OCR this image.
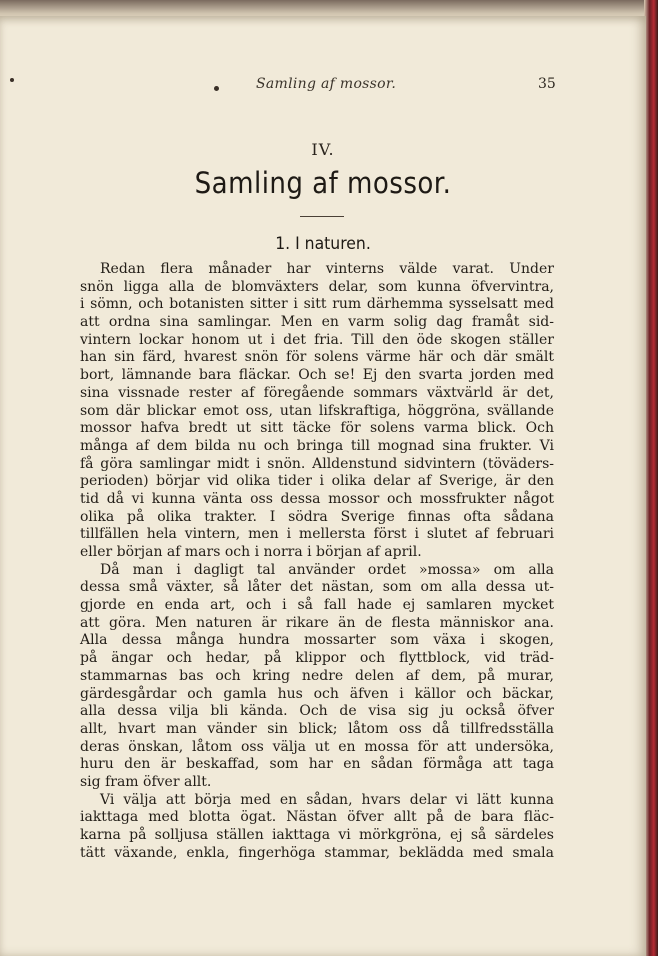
Samling af mossor.	35
IV.
Samling af mossor.
1. I naturen.
Redan flera månader har vinterns välde varat. Under
snön ligga alla de blomväxters delar, som kunna öfvervintra,
i sömn, och botanisten sitter i sitt rum därhemma sysselsatt med
att ordna sina samlingar. Men en varm solig dag framåt sid-
vintern lockar honom ut i det fria. Till den öde skogen ställer
han sin färd, hvarest snön för solens värme här och där smält
bort, lämnande bara fläckar. Och se! Ej den svarta jorden med
sina vissnade rester af föregående sommars växtvärld är det,
som där blickar emot oss, utan lifskraftiga, höggröna, svällande
mossor hafva bredt ut sitt täcke för solens varma blick. Och
många af dem bilda nu och bringa till mognad sina frukter. Vi
få göra samlingar midt i snön. Alldenstund sidvintern (töväders-
perioden) börjar vid olika tider i olika delar af Sverige, är den
tid då vi kunna vänta oss dessa mossor och mossfrukter något
olika på olika trakter. I södra Sverige finnas ofta sådana
tillfällen hela vintern, men i mellersta först i slutet af februari
eller början af mars och i norra i början af april.
Då man i dagligt tal använder ordet »mossa» om alla
dessa små växter, så låter det nästan, som om alla dessa ut-
gjorde en enda art, och i så fall hade ej samlaren mycket
att göra. Men naturen är rikare än de flesta människor ana.
Alla dessa många hundra mossarter som växa i skogen,
på ängar och hedar, på klippor och flyttblock, vid träd-
stammarnas bas och kring nedre delen af dem, på murar,
gärdesgårdar och gamla hus och äfven i källor och bäckar,
alla dessa vilja bli kända. Och de visa sig ju också öfver
allt, hvart man vänder sin blick; låtom oss då tillfredsställa
deras önskan, låtom oss välja ut en mossa för att undersöka,
huru den är beskaffad, som har en sådan förmåga att taga
sig fram öfver allt.
Vi välja att börja med en sådan, hvars delar vi lätt kunna
iakttaga med blotta ögat. Nästan öfver allt på de bara fläc-
karna på solljusa ställen iakttaga vi mörkgröna, ej så särdeles
tätt växande, enkla, fingerhöga stammar, beklädda med smala
